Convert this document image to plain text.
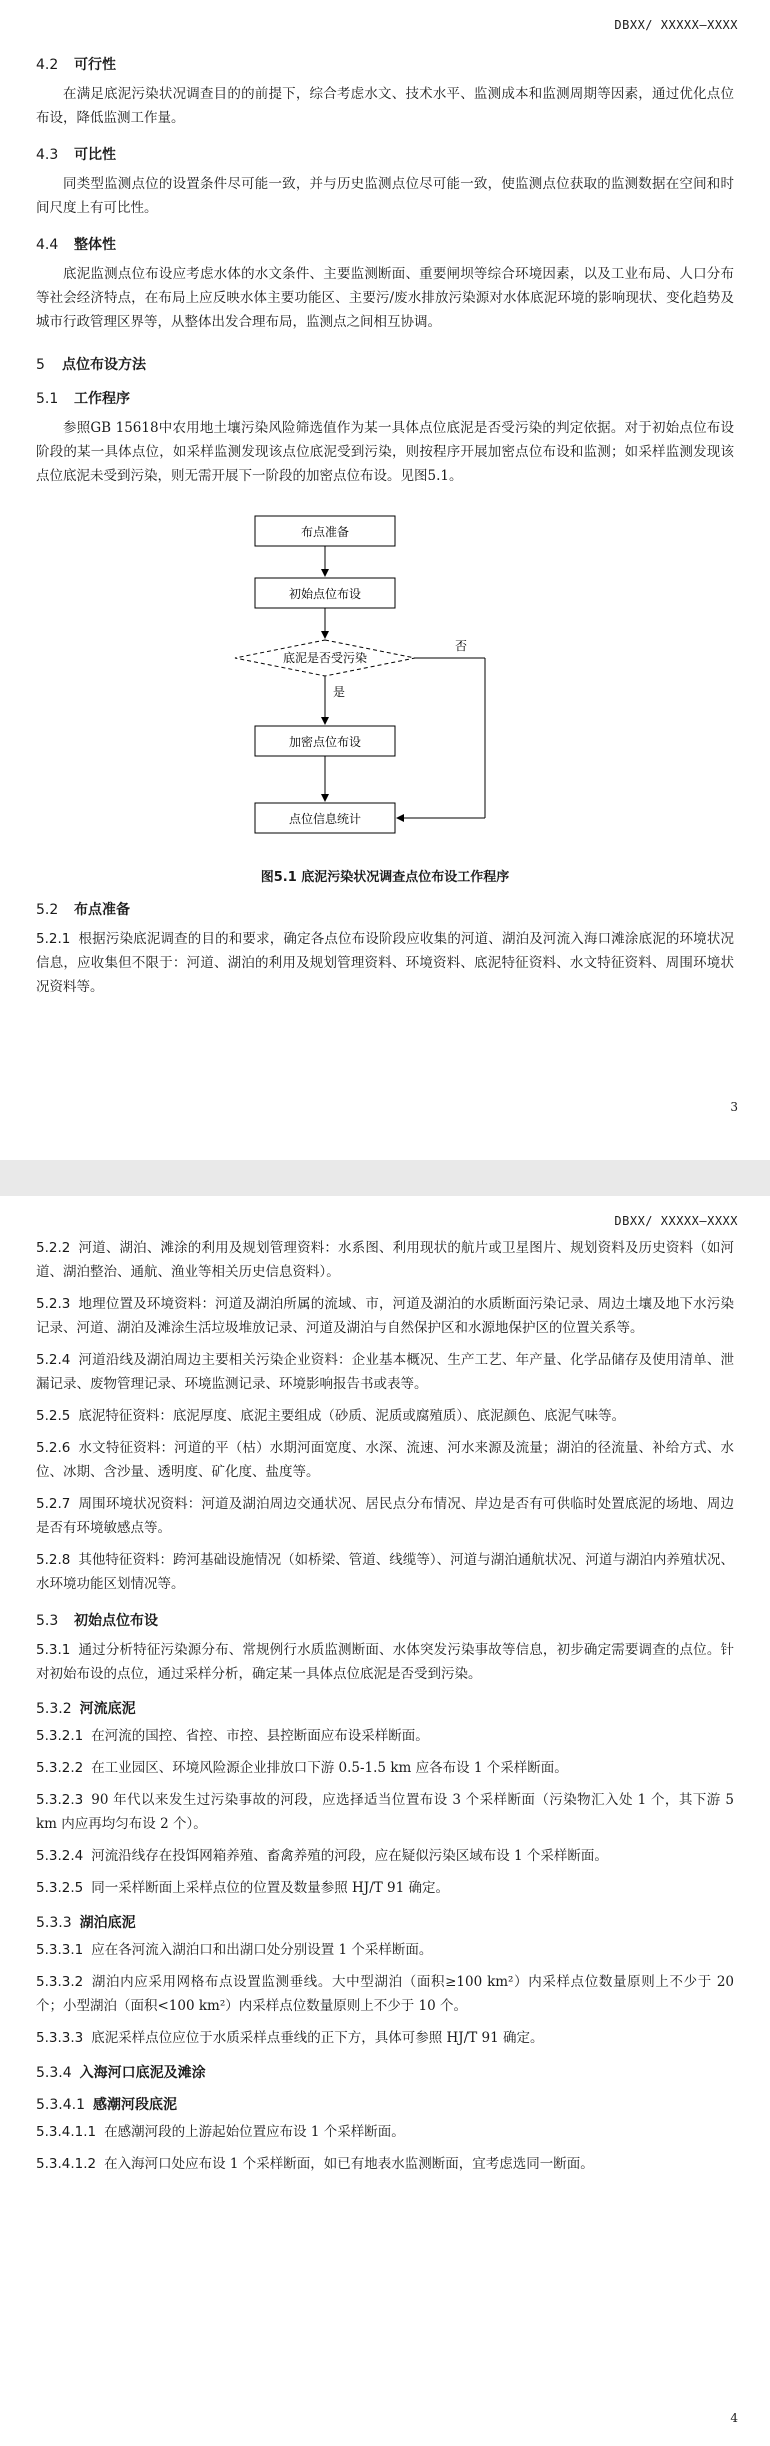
DBXX/ XXXXX—XXXX
4.2 可行性

在满足底泥污染状况调查目的的前提下，综合考虑水文、技术水平、监测成本和监测周期等因素，通过优化点位布设，降低监测工作量。

4.3 可比性

同类型监测点位的设置条件尽可能一致，并与历史监测点位尽可能一致，使监测点位获取的监测数据在空间和时间尺度上有可比性。

4.4 整体性

底泥监测点位布设应考虑水体的水文条件、主要监测断面、重要闸坝等综合环境因素，以及工业布局、人口分布等社会经济特点，在布局上应反映水体主要功能区、主要污/废水排放污染源对水体底泥环境的影响现状、变化趋势及城市行政管理区界等，从整体出发合理布局，监测点之间相互协调。

5 点位布设方法
5.1 工作程序

参照GB 15618中农用地土壤污染风险筛选值作为某一具体点位底泥是否受污染的判定依据。对于初始点位布设阶段的某一具体点位，如采样监测发现该点位底泥受到污染，则按程序开展加密点位布设和监测；如采样监测发现该点位底泥未受到污染，则无需开展下一阶段的加密点位布设。见图5.1。

布点准备
初始点位布设
底泥是否受污染
否
是
加密点位布设
点位信息统计
图5.1 底泥污染状况调查点位布设工作程序
5.2 布点准备

5.2.1 根据污染底泥调查的目的和要求，确定各点位布设阶段应收集的河道、湖泊及河流入海口滩涂底泥的环境状况信息，应收集但不限于：河道、湖泊的利用及规划管理资料、环境资料、底泥特征资料、水文特征资料、周围环境状况资料等。

3
DBXX/ XXXXX—XXXX

5.2.2 河道、湖泊、滩涂的利用及规划管理资料：水系图、利用现状的航片或卫星图片、规划资料及历史资料（如河道、湖泊整治、通航、渔业等相关历史信息资料）。

5.2.3 地理位置及环境资料：河道及湖泊所属的流域、市，河道及湖泊的水质断面污染记录、周边土壤及地下水污染记录、河道、湖泊及滩涂生活垃圾堆放记录、河道及湖泊与自然保护区和水源地保护区的位置关系等。

5.2.4 河道沿线及湖泊周边主要相关污染企业资料：企业基本概况、生产工艺、年产量、化学品储存及使用清单、泄漏记录、废物管理记录、环境监测记录、环境影响报告书或表等。

5.2.5 底泥特征资料：底泥厚度、底泥主要组成（砂质、泥质或腐殖质）、底泥颜色、底泥气味等。

5.2.6 水文特征资料：河道的平（枯）水期河面宽度、水深、流速、河水来源及流量；湖泊的径流量、补给方式、水位、冰期、含沙量、透明度、矿化度、盐度等。

5.2.7 周围环境状况资料：河道及湖泊周边交通状况、居民点分布情况、岸边是否有可供临时处置底泥的场地、周边是否有环境敏感点等。

5.2.8 其他特征资料：跨河基础设施情况（如桥梁、管道、线缆等）、河道与湖泊通航状况、河道与湖泊内养殖状况、水环境功能区划情况等。

5.3 初始点位布设

5.3.1 通过分析特征污染源分布、常规例行水质监测断面、水体突发污染事故等信息，初步确定需要调查的点位。针对初始布设的点位，通过采样分析，确定某一具体点位底泥是否受到污染。

5.3.2 河流底泥

5.3.2.1 在河流的国控、省控、市控、县控断面应布设采样断面。

5.3.2.2 在工业园区、环境风险源企业排放口下游 0.5-1.5 km 应各布设 1 个采样断面。

5.3.2.3 90 年代以来发生过污染事故的河段，应选择适当位置布设 3 个采样断面（污染物汇入处 1 个，其下游 5 km 内应再均匀布设 2 个）。

5.3.2.4 河流沿线存在投饵网箱养殖、畜禽养殖的河段，应在疑似污染区域布设 1 个采样断面。

5.3.2.5 同一采样断面上采样点位的位置及数量参照 HJ/T 91 确定。

5.3.3 湖泊底泥

5.3.3.1 应在各河流入湖泊口和出湖口处分别设置 1 个采样断面。

5.3.3.2 湖泊内应采用网格布点设置监测垂线。大中型湖泊（面积≥100 km²）内采样点位数量原则上不少于 20 个；小型湖泊（面积<100 km²）内采样点位数量原则上不少于 10 个。

5.3.3.3 底泥采样点位应位于水质采样点垂线的正下方，具体可参照 HJ/T 91 确定。

5.3.4 入海河口底泥及滩涂
5.3.4.1 感潮河段底泥

5.3.4.1.1 在感潮河段的上游起始位置应布设 1 个采样断面。

5.3.4.1.2 在入海河口处应布设 1 个采样断面，如已有地表水监测断面，宜考虑选同一断面。

4
